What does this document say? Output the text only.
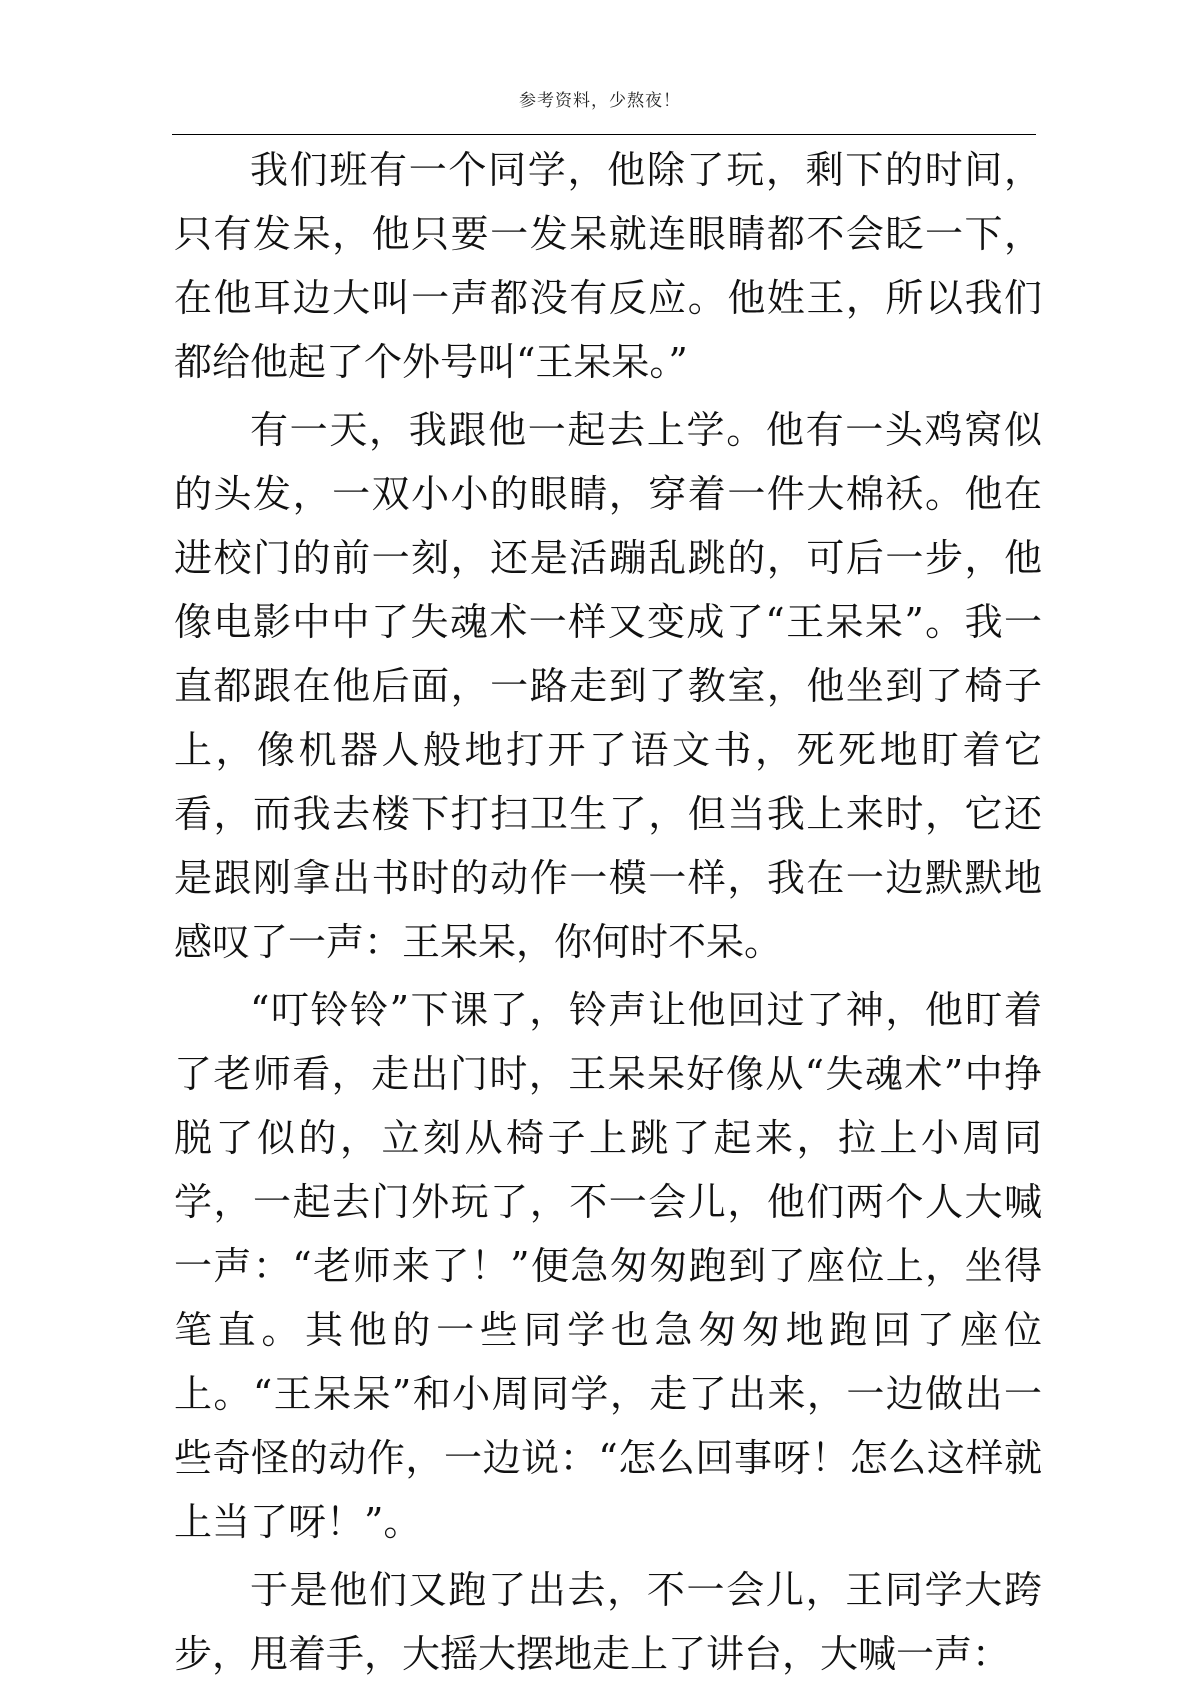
参考资料，少熬夜！

我们班有一个同学，他除了玩，剩下的时间，只有发呆，他只要一发呆就连眼睛都不会眨一下，在他耳边大叫一声都没有反应。他姓王，所以我们都给他起了个外号叫“王呆呆。”

有一天，我跟他一起去上学。他有一头鸡窝似的头发，一双小小的眼睛，穿着一件大棉袄。他在进校门的前一刻，还是活蹦乱跳的，可后一步，他像电影中中了失魂术一样又变成了“王呆呆”。我一直都跟在他后面，一路走到了教室，他坐到了椅子上，像机器人般地打开了语文书，死死地盯着它看，而我去楼下打扫卫生了，但当我上来时，它还是跟刚拿出书时的动作一模一样，我在一边默默地感叹了一声：王呆呆，你何时不呆。

“叮铃铃”下课了，铃声让他回过了神，他盯着了老师看，走出门时，王呆呆好像从“失魂术”中挣脱了似的，立刻从椅子上跳了起来，拉上小周同学，一起去门外玩了，不一会儿，他们两个人大喊一声：“老师来了！”便急匆匆跑到了座位上，坐得笔直。其他的一些同学也急匆匆地跑回了座位上。“王呆呆”和小周同学，走了出来，一边做出一些奇怪的动作，一边说：“怎么回事呀！怎么这样就上当了呀！”。

于是他们又跑了出去，不一会儿，王同学大跨步，甩着手，大摇大摆地走上了讲台，大喊一声：
